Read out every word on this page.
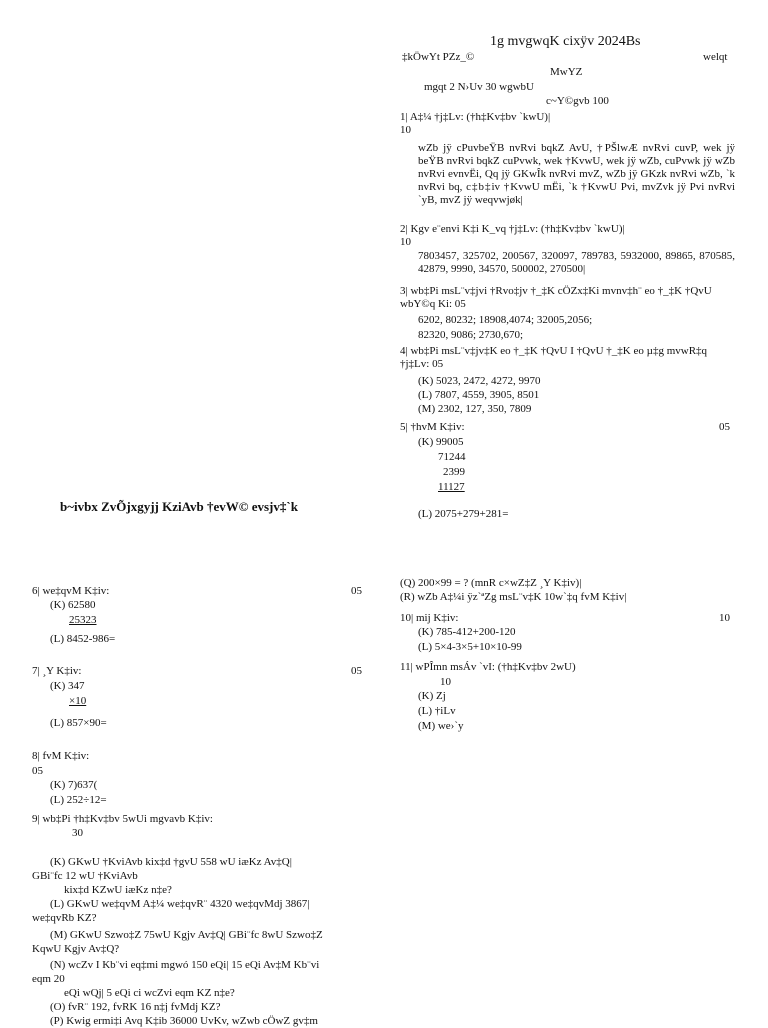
1g mvgwqK cixÿv 2024Bs
‡kÖwYt PZz_©	welqt
MwYZ
mgqt 2 N›Uv 30 wgwbU
c~Y©gvb 100
1| A‡¼ †j‡Lv: (†h‡Kv‡bv `kwU)|
10
wZb jÿ cPuvbeŸB nvRvi bqkZ AvU, †PŠlwÆ nvRvi cuvP, wek jÿ beŸB nvRvi bqkZ cuPvwk, wek †KvwU, wek jÿ wZb, cuPvwk jÿ wZb nvRvi evnvËi, Qq jÿ GKwÎk nvRvi mvZ, wZb jÿ GKzk nvRvi wZb, `k nvRvi bq, c‡b‡iv †KvwU mËi, `k †KvwU Pvi, mvZvk jÿ Pvi nvRvi `yB, mvZ jÿ weqvwjøk|
2| Kgv e¨envi K‡i K_vq †j‡Lv: (†h‡Kv‡bv `kwU)|
10
7803457, 325702, 200567, 320097, 789783, 5932000, 89865, 870585, 42879, 9990, 34570, 500002, 270500|
3| wb‡Pi msL¨v‡jvi †Rvo‡jv †_‡K cÖZx‡Ki mvnv‡h¨ eo †_‡K †QvU wbY©q Ki: 05
6202, 80232; 18908,4074; 32005,2056;
82320, 9086; 2730,670;
4| wb‡Pi msL¨v‡jv‡K eo †_‡K †QvU I †QvU †_‡K eo µ‡g mvwR‡q †j‡Lv: 05
(K) 5023, 2472, 4272, 9970
(L) 7807, 4559, 3905, 8501
(M) 2302, 127, 350, 7809
5| †hvM K‡iv:	05
(K) 99005
71244
2399
11127
(L) 2075+279+281=
b~ivbx ZvÕjxgyjj KziAvb †evW© evsjv‡`k
6| we‡qvM K‡iv:	05
(K) 62580
25323
(L) 8452-986=
7| ¸Y K‡iv:	05
(K) 347
×10
(L) 857×90=
8| fvM K‡iv:
05
(K) 7)637(
(L) 252÷12=
9| wb‡Pi †h‡Kv‡bv 5wUi mgvavb K‡iv:
30
(K) GKwU †KviAvb kix‡d †gvU 558 wU iæKz Av‡Q|
GBi¨fc 12 wU †KviAvb
kix‡d KZwU iæKz n‡e?
(L) GKwU we‡qvM A‡¼ we‡qvR¨ 4320 we‡qvMdj 3867|
we‡qvRb KZ?
(M) GKwU Szwo‡Z 75wU Kgjv Av‡Q| GBi¨fc 8wU Szwo‡Z
KqwU Kgjv Av‡Q?
(N) wcZv I Kb¨vi eq‡mi mgwó 150 eQi| 15 eQi Av‡M Kb¨vi
eqm 20
eQi wQj| 5 eQi ci wcZvi eqm KZ n‡e?
(O) fvR¨ 192, fvRK 16 n‡j fvMdj KZ?
(P) Kwig ermi‡i Avq K‡ib 36000 UvKv, wZwb cÖwZ gv‡m
(Q) 200×99 = ? (mnR c×wZ‡Z ¸Y K‡iv)|
(R) wZb A‡¼i ÿz`ªZg msL¨v‡K 10w`‡q fvM K‡iv|
10| mij K‡iv:	10
(K) 785-412+200-120
(L) 5×4-3×5+10×10-99
11| wPÎmn msÁv `vI: (†h‡Kv‡bv 2wU)
10
(K) Zj
(L) †iLv
(M) we›`y
